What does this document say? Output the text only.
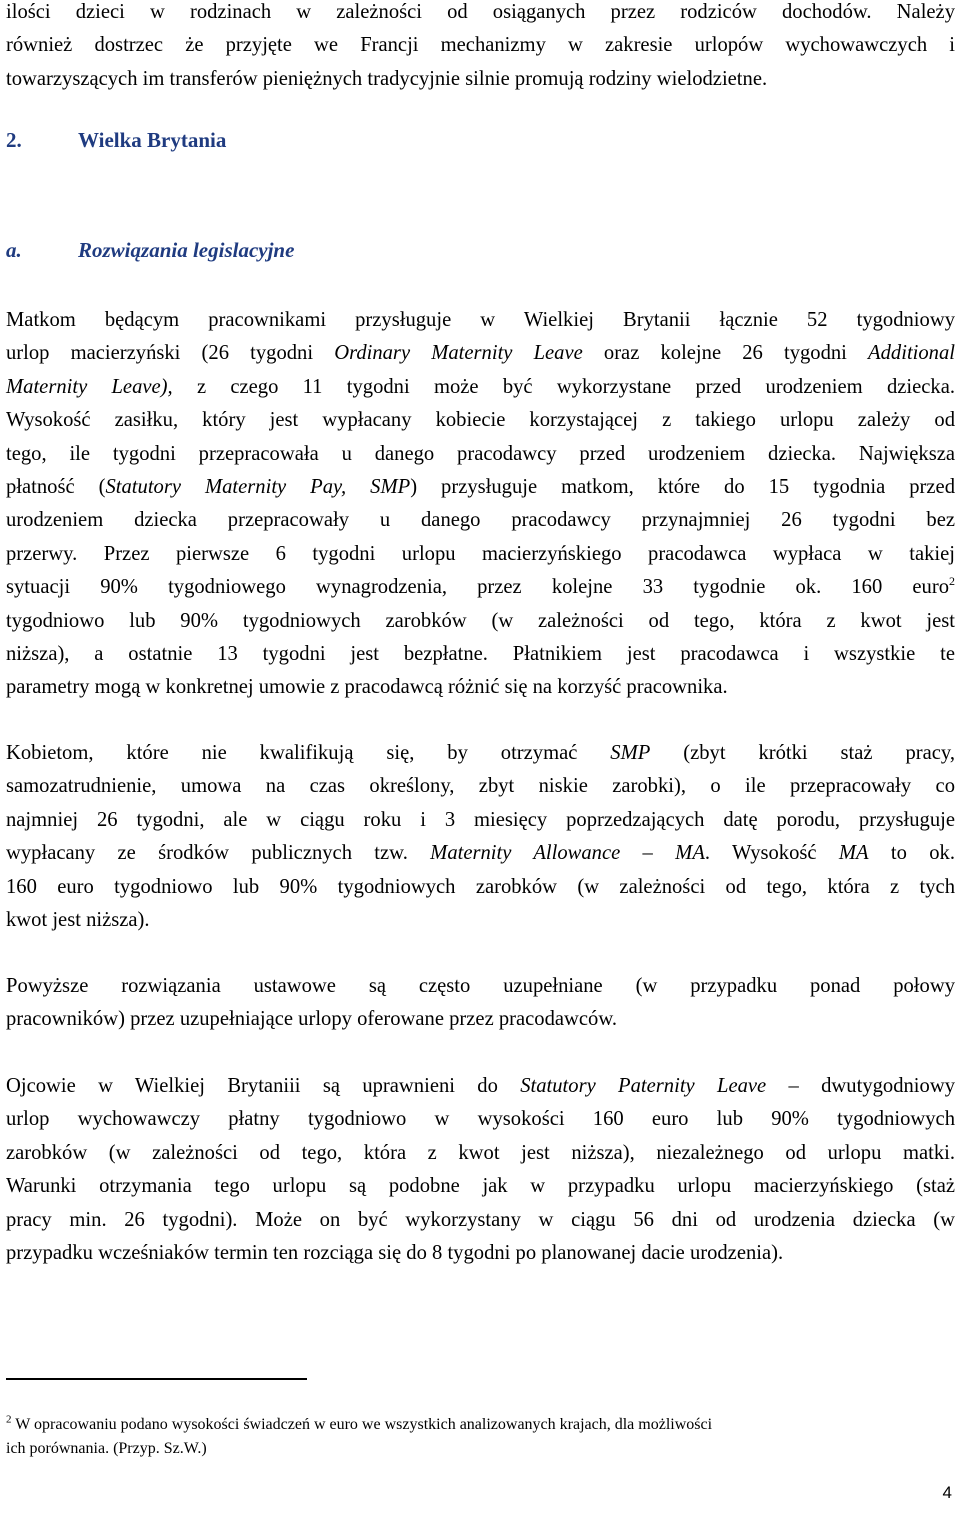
ilości dzieci w rodzinach w zależności od osiąganych przez rodziców dochodów. Należy
również dostrzec że przyjęte we Francji mechanizmy w zakresie urlopów wychowawczych i
towarzyszących im transferów pieniężnych tradycyjnie silnie promują rodziny wielodzietne.

2.	Wielka Brytania
a.	Rozwiązania legislacyjne

Matkom będącym pracownikami przysługuje w Wielkiej Brytanii łącznie 52 tygodniowy
urlop macierzyński (26 tygodni Ordinary Maternity Leave oraz kolejne 26 tygodni Additional
Maternity Leave), z czego 11 tygodni może być wykorzystane przed urodzeniem dziecka.
Wysokość zasiłku, który jest wypłacany kobiecie korzystającej z takiego urlopu zależy od
tego, ile tygodni przepracowała u danego pracodawcy przed urodzeniem dziecka. Największa
płatność (Statutory Maternity Pay, SMP) przysługuje matkom, które do 15 tygodnia przed
urodzeniem dziecka przepracowały u danego pracodawcy przynajmniej 26 tygodni bez
przerwy. Przez pierwsze 6 tygodni urlopu macierzyńskiego pracodawca wypłaca w takiej
sytuacji 90% tygodniowego wynagrodzenia, przez kolejne 33 tygodnie ok. 160 euro$^2$
tygodniowo lub 90% tygodniowych zarobków (w zależności od tego, która z kwot jest
niższa), a ostatnie 13 tygodni jest bezpłatne. Płatnikiem jest pracodawca i wszystkie te
parametry mogą w konkretnej umowie z pracodawcą różnić się na korzyść pracownika.

Kobietom, które nie kwalifikują się, by otrzymać SMP (zbyt krótki staż pracy,
samozatrudnienie, umowa na czas określony, zbyt niskie zarobki), o ile przepracowały co
najmniej 26 tygodni, ale w ciągu roku i 3 miesięcy poprzedzających datę porodu, przysługuje
wypłacany ze środków publicznych tzw. Maternity Allowance – MA. Wysokość MA to ok.
160 euro tygodniowo lub 90% tygodniowych zarobków (w zależności od tego, która z tych
kwot jest niższa).

Powyższe rozwiązania ustawowe są często uzupełniane (w przypadku ponad połowy
pracowników) przez uzupełniające urlopy oferowane przez pracodawców.

Ojcowie w Wielkiej Brytaniii są uprawnieni do Statutory Paternity Leave – dwutygodniowy
urlop wychowawczy płatny tygodniowo w wysokości 160 euro lub 90% tygodniowych
zarobków (w zależności od tego, która z kwot jest niższa), niezależnego od urlopu matki.
Warunki otrzymania tego urlopu są podobne jak w przypadku urlopu macierzyńskiego (staż
pracy min. 26 tygodni). Może on być wykorzystany w ciągu 56 dni od urodzenia dziecka (w
przypadku wcześniaków termin ten rozciąga się do 8 tygodni po planowanej dacie urodzenia).

$^2$ W opracowaniu podano wysokości świadczeń w euro we wszystkich analizowanych krajach, dla możliwości
ich porównania. (Przyp. Sz.W.)

4
